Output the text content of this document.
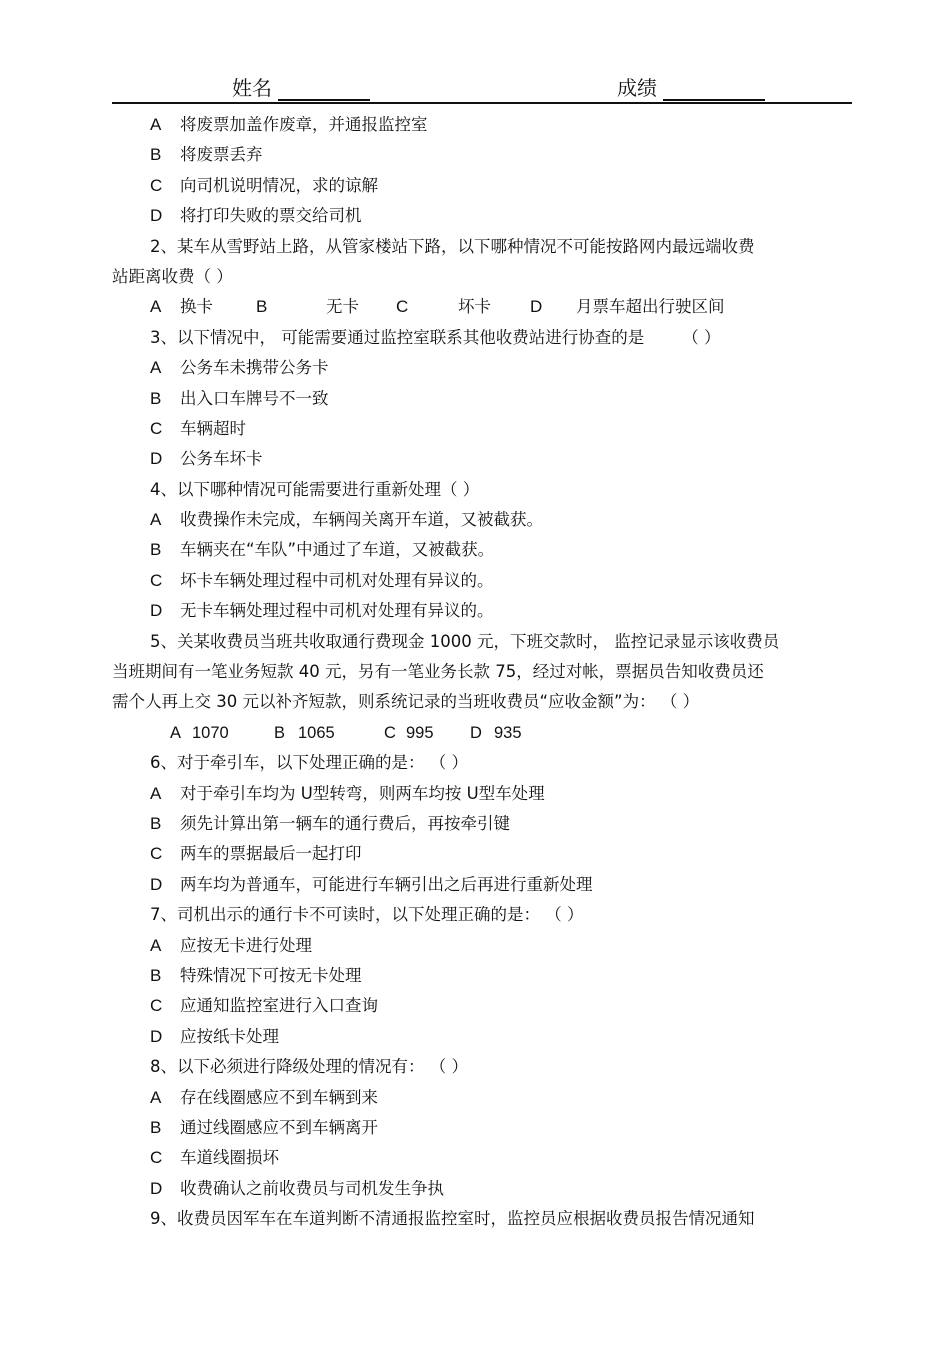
姓名	成绩
A 将废票加盖作废章，并通报监控室
B 将废票丢弃
C 向司机说明情况，求的谅解
D 将打印失败的票交给司机
2、某车从雪野站上路，从管家楼站下路，以下哪种情况不可能按路网内最远端收费
站距离收费（ ）
A 换卡	B	无卡 C	坏卡 D 月票车超出行驶区间
3、以下情况中， 可能需要通过监控室联系其他收费站进行协查的是 （ ）
A 公务车未携带公务卡
B 出入口车牌号不一致
C 车辆超时
D 公务车坏卡
4、以下哪种情况可能需要进行重新处理（ ）
A 收费操作未完成，车辆闯关离开车道，又被截获。
B 车辆夹在“车队”中通过了车道，又被截获。
C 坏卡车辆处理过程中司机对处理有异议的。
D 无卡车辆处理过程中司机对处理有异议的。
5、关某收费员当班共收取通行费现金 1000 元，下班交款时， 监控记录显示该收费员
当班期间有一笔业务短款 40 元，另有一笔业务长款 75，经过对帐，票据员告知收费员还
需个人再上交 30 元以补齐短款，则系统记录的当班收费员“应收金额”为： （ ）
A 1070	B 1065	C 995 D 935
6、对于牵引车，以下处理正确的是： （ ）
A 对于牵引车均为 U型转弯，则两车均按 U型车处理
B 须先计算出第一辆车的通行费后，再按牵引键
C 两车的票据最后一起打印
D 两车均为普通车，可能进行车辆引出之后再进行重新处理
7、司机出示的通行卡不可读时，以下处理正确的是： （ ）
A 应按无卡进行处理
B 特殊情况下可按无卡处理
C 应通知监控室进行入口查询
D 应按纸卡处理
8、以下必须进行降级处理的情况有： （ ）
A 存在线圈感应不到车辆到来
B 通过线圈感应不到车辆离开
C 车道线圈损坏
D 收费确认之前收费员与司机发生争执
9、收费员因军车在车道判断不清通报监控室时，监控员应根据收费员报告情况通知
